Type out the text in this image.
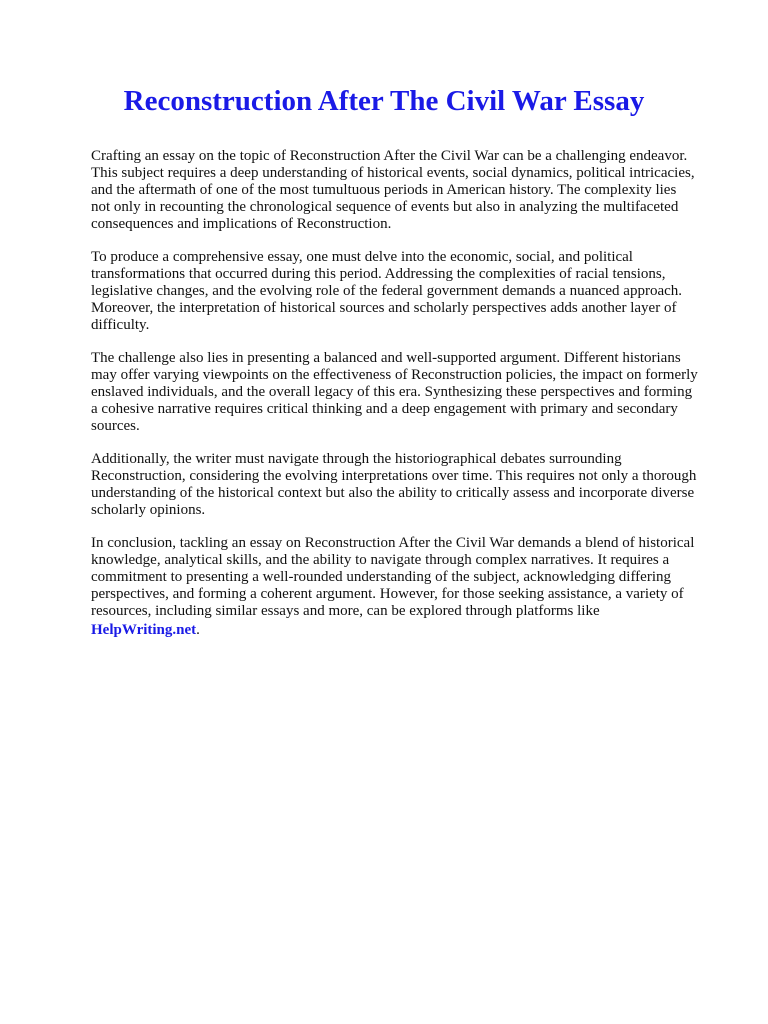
Reconstruction After The Civil War Essay

Crafting an essay on the topic of Reconstruction After the Civil War can be a challenging endeavor.
This subject requires a deep understanding of historical events, social dynamics, political intricacies,
and the aftermath of one of the most tumultuous periods in American history. The complexity lies
not only in recounting the chronological sequence of events but also in analyzing the multifaceted
consequences and implications of Reconstruction.

To produce a comprehensive essay, one must delve into the economic, social, and political
transformations that occurred during this period. Addressing the complexities of racial tensions,
legislative changes, and the evolving role of the federal government demands a nuanced approach.
Moreover, the interpretation of historical sources and scholarly perspectives adds another layer of
difficulty.

The challenge also lies in presenting a balanced and well-supported argument. Different historians
may offer varying viewpoints on the effectiveness of Reconstruction policies, the impact on formerly
enslaved individuals, and the overall legacy of this era. Synthesizing these perspectives and forming
a cohesive narrative requires critical thinking and a deep engagement with primary and secondary
sources.

Additionally, the writer must navigate through the historiographical debates surrounding
Reconstruction, considering the evolving interpretations over time. This requires not only a thorough
understanding of the historical context but also the ability to critically assess and incorporate diverse
scholarly opinions.

In conclusion, tackling an essay on Reconstruction After the Civil War demands a blend of historical
knowledge, analytical skills, and the ability to navigate through complex narratives. It requires a
commitment to presenting a well-rounded understanding of the subject, acknowledging differing
perspectives, and forming a coherent argument. However, for those seeking assistance, a variety of
resources, including similar essays and more, can be explored through platforms like
HelpWriting.net.
